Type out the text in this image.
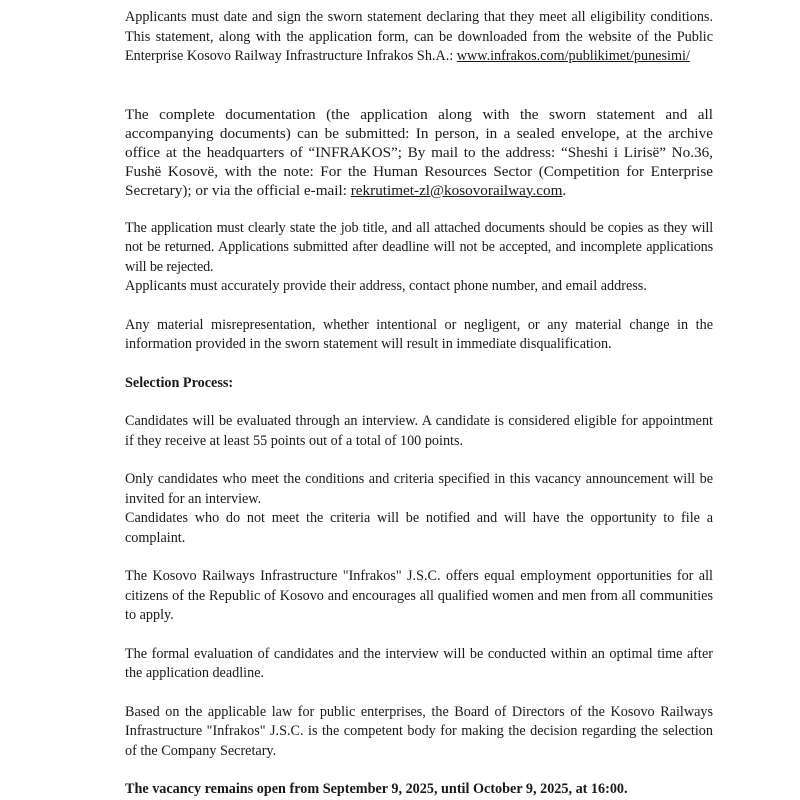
Applicants must date and sign the sworn statement declaring that they meet all eligibility conditions. This statement, along with the application form, can be downloaded from the website of the Public Enterprise Kosovo Railway Infrastructure Infrakos Sh.A.: www.infrakos.com/publikimet/punesimi/

The complete documentation (the application along with the sworn statement and all accompanying documents) can be submitted: In person, in a sealed envelope, at the archive office at the headquarters of “INFRAKOS”; By mail to the address: “Sheshi i Lirisë” No.36, Fushë Kosovë, with the note: For the Human Resources Sector (Competition for Enterprise Secretary); or via the official e-mail: rekrutimet-zl@kosovorailway.com.

The application must clearly state the job title, and all attached documents should be copies as they will not be returned. Applications submitted after deadline will not be accepted, and incomplete applications will be rejected.

Applicants must accurately provide their address, contact phone number, and email address.

Any material misrepresentation, whether intentional or negligent, or any material change in the information provided in the sworn statement will result in immediate disqualification.

Selection Process:

Candidates will be evaluated through an interview. A candidate is considered eligible for appointment if they receive at least 55 points out of a total of 100 points.

Only candidates who meet the conditions and criteria specified in this vacancy announcement will be invited for an interview.

Candidates who do not meet the criteria will be notified and will have the opportunity to file a complaint.

The Kosovo Railways Infrastructure "Infrakos" J.S.C. offers equal employment opportunities for all citizens of the Republic of Kosovo and encourages all qualified women and men from all communities to apply.

The formal evaluation of candidates and the interview will be conducted within an optimal time after the application deadline.

Based on the applicable law for public enterprises, the Board of Directors of the Kosovo Railways Infrastructure "Infrakos" J.S.C. is the competent body for making the decision regarding the selection of the Company Secretary.

The vacancy remains open from September 9, 2025, until October 9, 2025, at 16:00.
